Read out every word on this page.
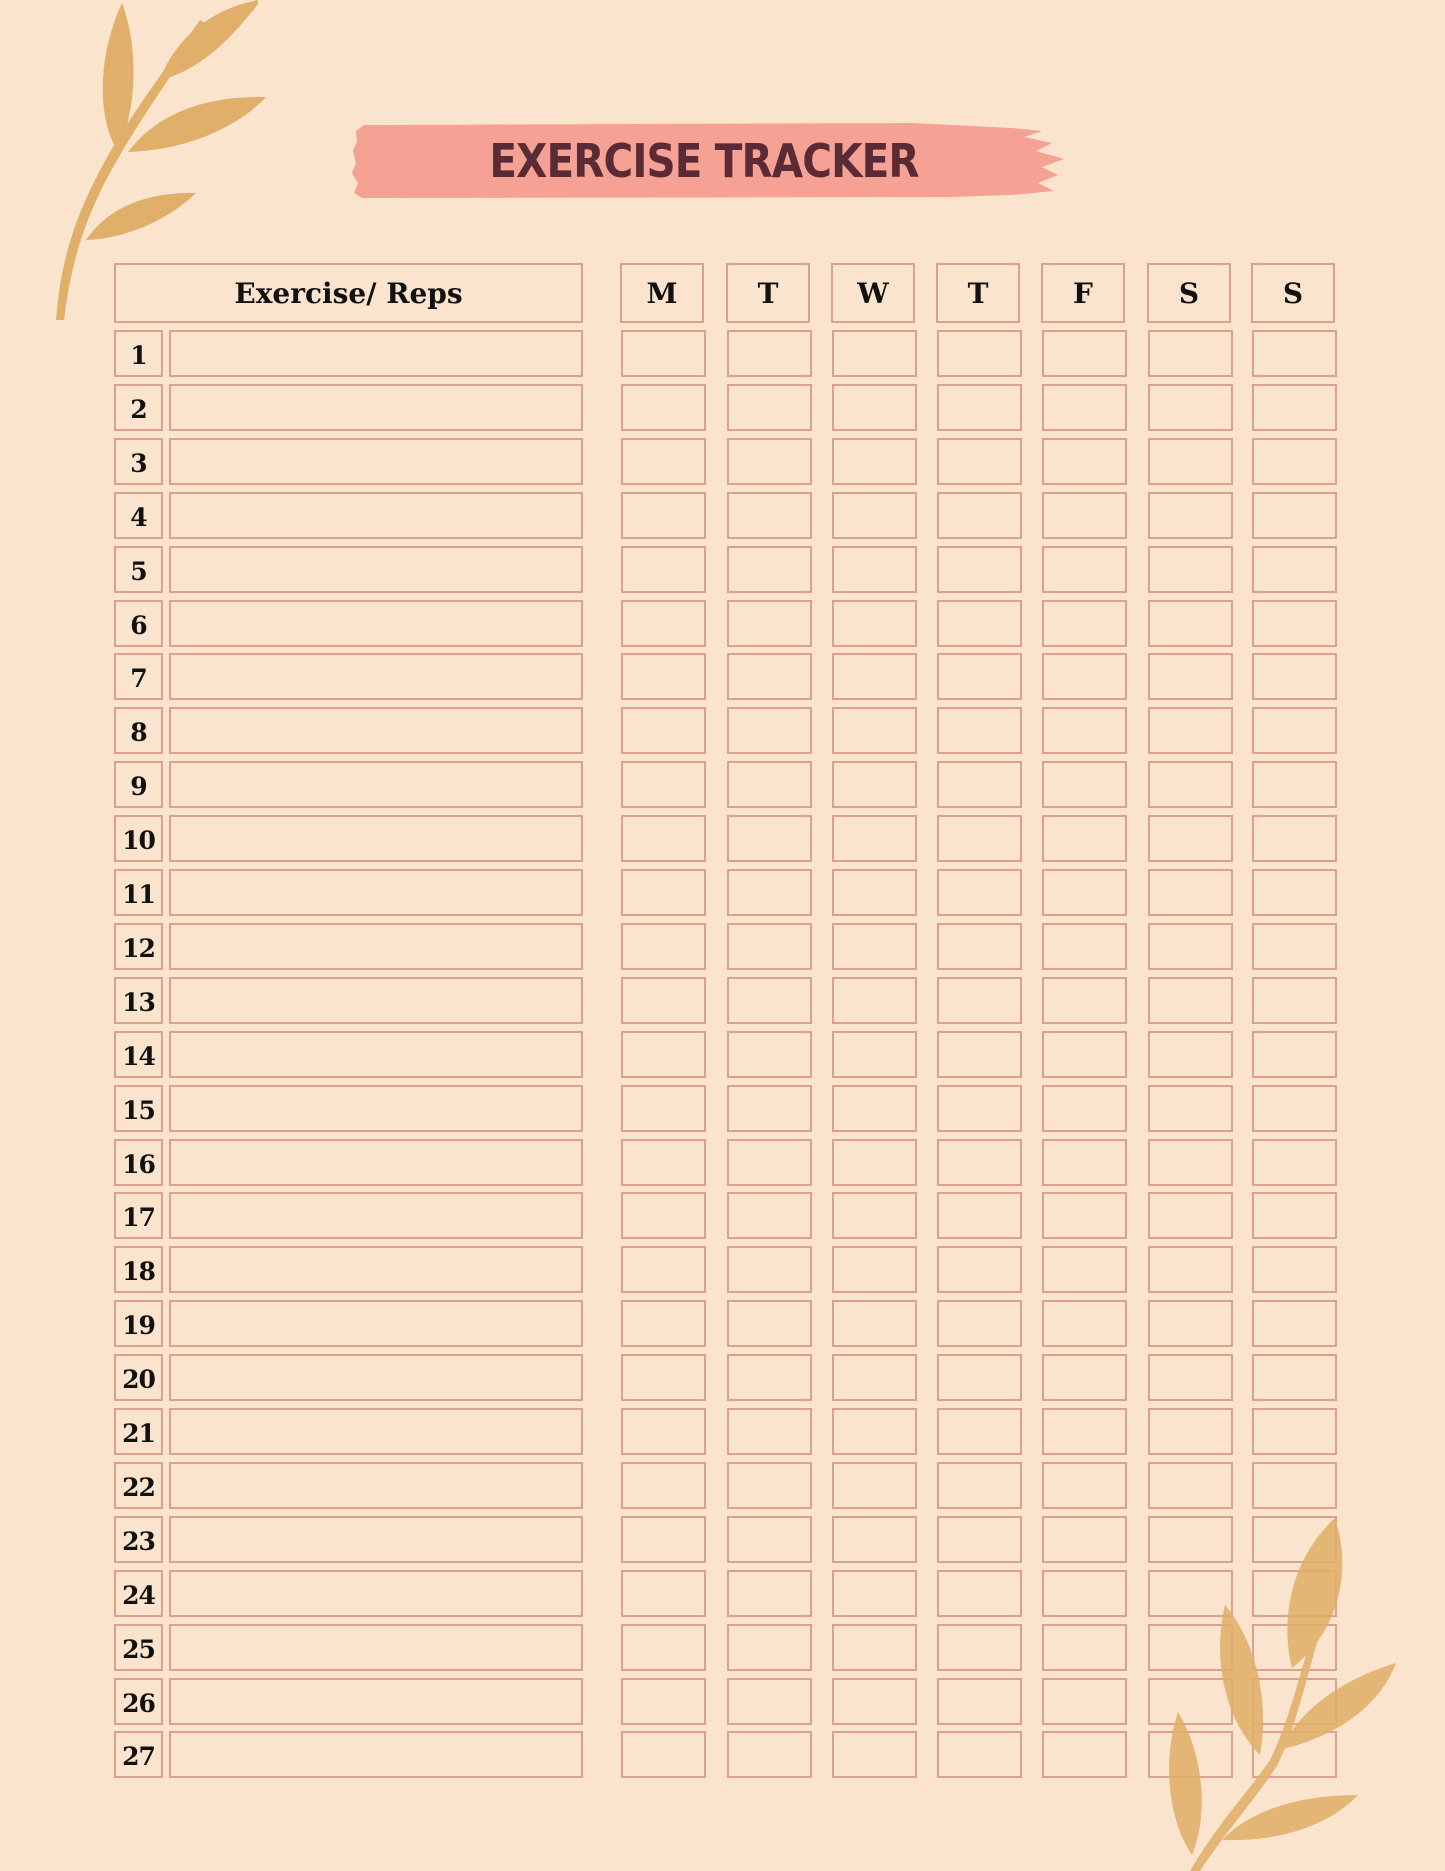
EXERCISE TRACKER
Exercise/ Reps	M	T	W	T	F	S	S
1
2
3
4
5
6
7
8
9
10
11
12
13
14
15
16
17
18
19
20
21
22
23
24
25
26
27
